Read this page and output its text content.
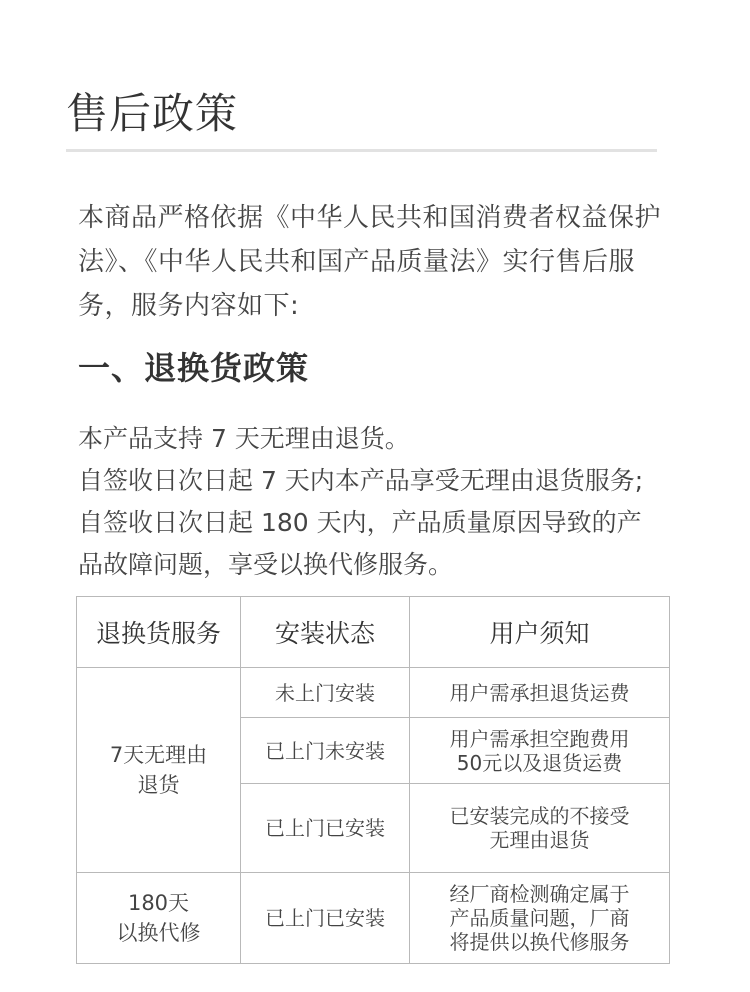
售后政策
本商品严格依据《中华人民共和国消费者权益保护法》、《中华人民共和国产品质量法》实行售后服务，服务内容如下:
一、退换货政策
本产品支持 7 天无理由退货。
自签收日次日起 7 天内本产品享受无理由退货服务;
自签收日次日起 180 天内，产品质量原因导致的产
品故障问题，享受以换代修服务。
退换货服务	安装状态	用户须知
7天无理由
退货	未上门安装	用户需承担退货运费
	已上门未安装	用户需承担空跑费用
50元以及退货运费
	已上门已安装	已安装完成的不接受
无理由退货
180天
以换代修	已上门已安装	经厂商检测确定属于
产品质量问题，厂商
将提供以换代修服务
